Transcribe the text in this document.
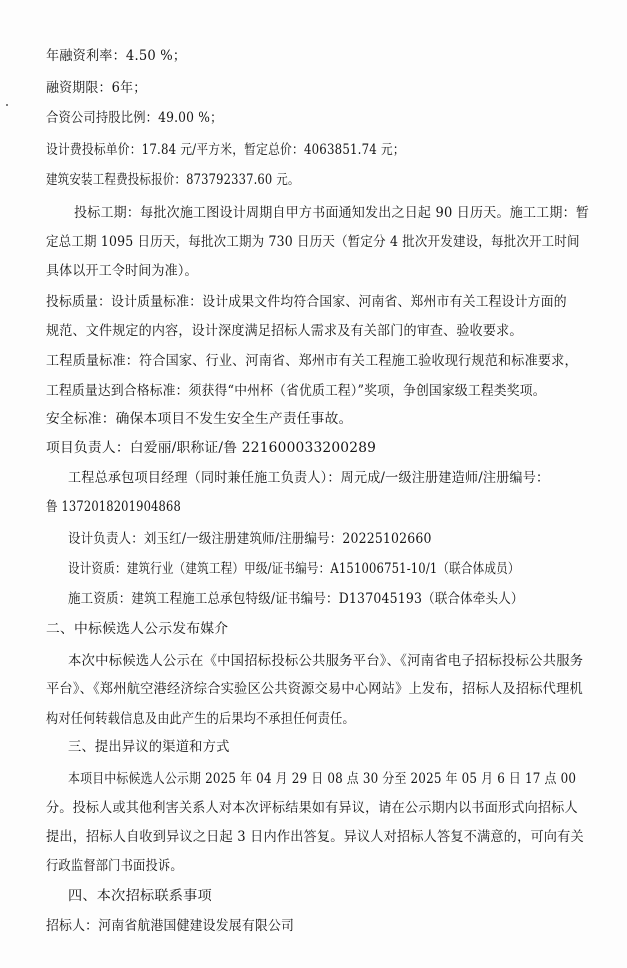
年融资利率：4.50 %；
融资期限：6年；
合资公司持股比例：49.00 %；
设计费投标单价：17.84 元/平方米，暂定总价：4063851.74 元；
建筑安装工程费投标报价：873792337.60 元。
投标工期：每批次施工图设计周期自甲方书面通知发出之日起 90 日历天。施工工期：暂
定总工期 1095 日历天，每批次工期为 730 日历天（暂定分 4 批次开发建设，每批次开工时间
具体以开工令时间为准）。
投标质量：设计质量标准：设计成果文件均符合国家、河南省、郑州市有关工程设计方面的
规范、文件规定的内容，设计深度满足招标人需求及有关部门的审查、验收要求。
工程质量标准：符合国家、行业、河南省、郑州市有关工程施工验收现行规范和标准要求，
工程质量达到合格标准：须获得“中州杯（省优质工程）”奖项，争创国家级工程类奖项。
安全标准：确保本项目不发生安全生产责任事故。
项目负责人：白爱丽/职称证/鲁 221600033200289
工程总承包项目经理（同时兼任施工负责人）：周元成/一级注册建造师/注册编号：
鲁 1372018201904868
设计负责人：刘玉红/一级注册建筑师/注册编号：20225102660
设计资质：建筑行业（建筑工程）甲级/证书编号：A151006751-10/1（联合体成员）
施工资质：建筑工程施工总承包特级/证书编号：D137045193（联合体牵头人）
二、中标候选人公示发布媒介
本次中标候选人公示在《中国招标投标公共服务平台》、《河南省电子招标投标公共服务
平台》、《郑州航空港经济综合实验区公共资源交易中心网站》上发布，招标人及招标代理机
构对任何转载信息及由此产生的后果均不承担任何责任。
三、提出异议的渠道和方式
本项目中标候选人公示期 2025 年 04 月 29 日 08 点 30 分至 2025 年 05 月 6 日 17 点 00
分。投标人或其他利害关系人对本次评标结果如有异议，请在公示期内以书面形式向招标人
提出，招标人自收到异议之日起 3 日内作出答复。异议人对招标人答复不满意的，可向有关
行政监督部门书面投诉。
四、本次招标联系事项
招标人：河南省航港国健建设发展有限公司
